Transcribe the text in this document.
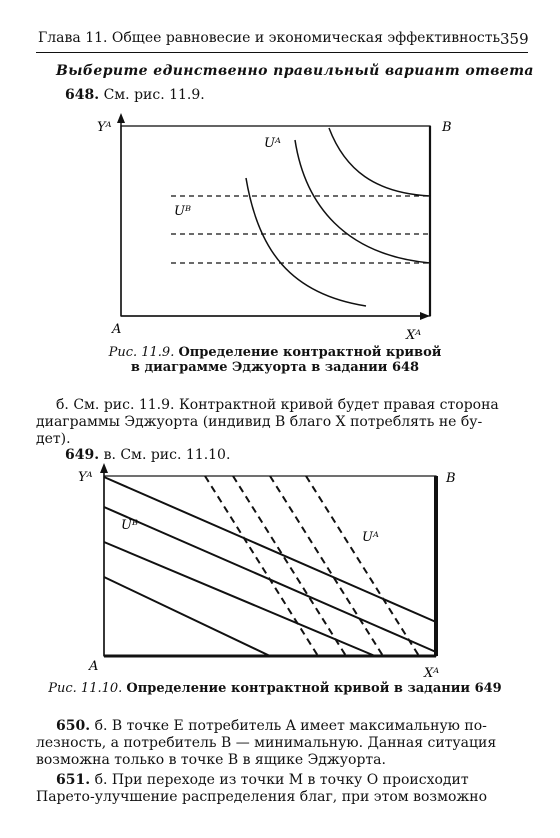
Глава 11. Общее равновесие и экономическая эффективность 359
Выберите единственно правильный вариант ответа
648. См. рис. 11.9.
Yᴬ	B
Uᴬ
Uᴮ
A	Xᴬ
Yᴬ	B
Uᴮ
Uᴬ
A	Xᴬ
Рис. 11.9. Определение контрактной кривой
в диаграмме Эджуорта в задании 648
б. См. рис. 11.9. Контрактной кривой будет правая сторона
диаграммы Эджуорта (индивид B благо X потреблять не бу-
дет).
649. в. См. рис. 11.10.
Рис. 11.10. Определение контрактной кривой в задании 649
650. б. В точке E потребитель A имеет максимальную по-
лезность, а потребитель B — минимальную. Данная ситуация
возможна только в точке B в ящике Эджуорта.
651. б. При переходе из точки M в точку O происходит
Парето-улучшение распределения благ, при этом возможно
